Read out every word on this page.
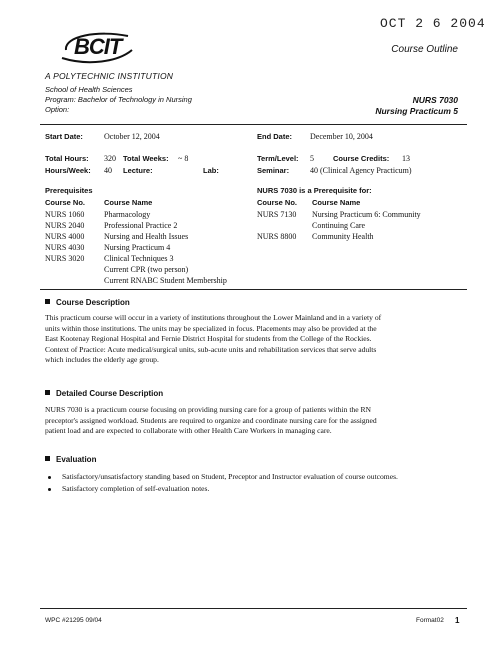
OCT 2 6 2004
BCIT	Course Outline
A POLYTECHNIC INSTITUTION
School of Health Sciences
Program: Bachelor of Technology in Nursing
Option:
NURS 7030
Nursing Practicum 5
Start Date:	October 12, 2004	End Date: December 10, 2004
Total Hours: 320 Total Weeks: ~ 8	Term/Level: 5	Course Credits: 13
Hours/Week: 40 Lecture:	Lab:	Seminar:	40 (Clinical Agency Practicum)
Prerequisites
Course No.	Course Name
NURS 1060 Pharmacology
NURS 2040 Professional Practice 2
NURS 4000 Nursing and Health Issues
NURS 4030 Nursing Practicum 4
NURS 3020 Clinical Techniques 3
Current CPR (two person)
Current RNABC Student Membership
NURS 7030 is a Prerequisite for:
Course No. Course Name
NURS 7130 Nursing Practicum 6: Community
Continuing Care
NURS 8800 Community Health
Course Description
This practicum course will occur in a variety of institutions throughout the Lower Mainland and in a variety of
units within those institutions. The units may be specialized in focus. Placements may also be provided at the
East Kootenay Regional Hospital and Fernie District Hospital for students from the College of the Rockies.
Context of Practice: Acute medical/surgical units, sub-acute units and rehabilitation services that serve adults
which includes the elderly age group.
Detailed Course Description
NURS 7030 is a practicum course focusing on providing nursing care for a group of patients within the RN
preceptor's assigned workload. Students are required to organize and coordinate nursing care for the assigned
patient load and are expected to collaborate with other Health Care Workers in managing care.
Evaluation
Satisfactory/unsatisfactory standing based on Student, Preceptor and Instructor evaluation of course outcomes.
Satisfactory completion of self-evaluation notes.
WPC #21295 09/04	Format02 1
